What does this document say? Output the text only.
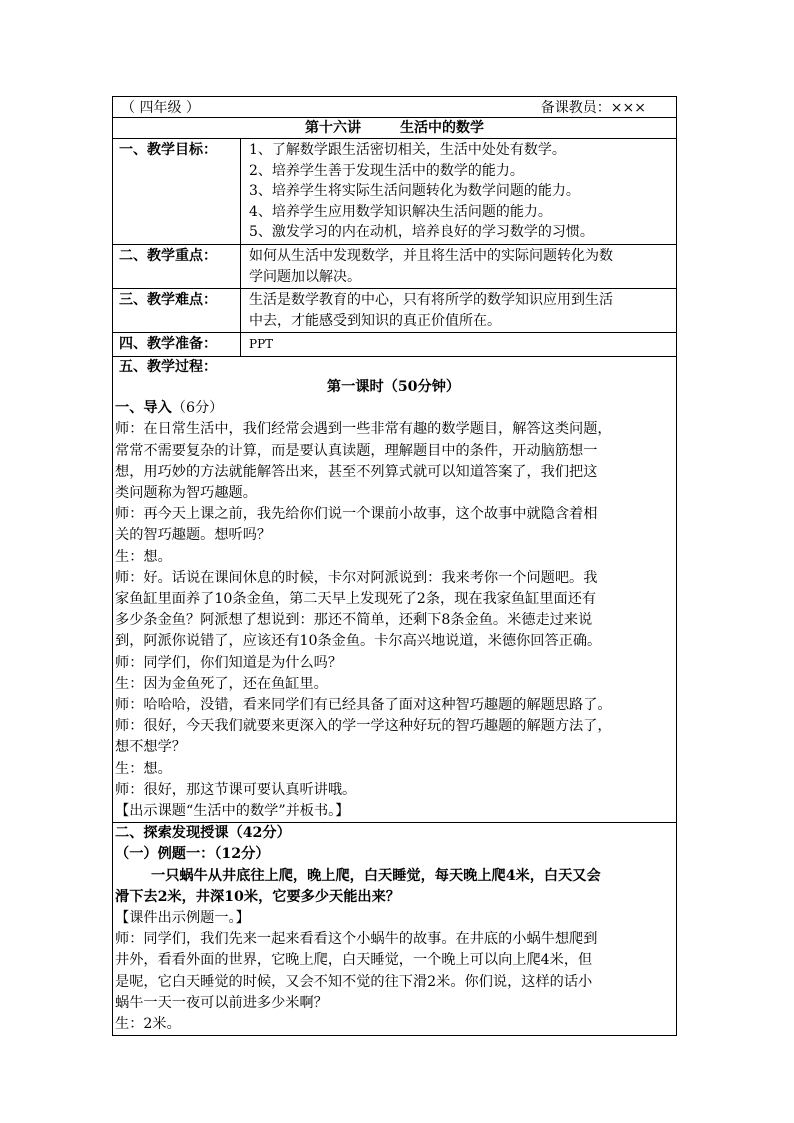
（ 四年级 ）	备课教员：×××
第十六讲        生活中的数学
一、教学目标：	1、了解数学跟生活密切相关，生活中处处有数学。
2、培养学生善于发现生活中的数学的能力。
3、培养学生将实际生活问题转化为数学问题的能力。
4、培养学生应用数学知识解决生活问题的能力。
5、激发学习的内在动机，培养良好的学习数学的习惯。
二、教学重点：	如何从生活中发现数学，并且将生活中的实际问题转化为数
学问题加以解决。
三、教学难点：	生活是数学教育的中心，只有将所学的数学知识应用到生活
中去，才能感受到知识的真正价值所在。
四、教学准备：	PPT
五、教学过程：
第一课时（50分钟）
一、导入（6分）
师：在日常生活中，我们经常会遇到一些非常有趣的数学题目，解答这类问题，
常常不需要复杂的计算，而是要认真读题，理解题目中的条件，开动脑筋想一
想，用巧妙的方法就能解答出来，甚至不列算式就可以知道答案了，我们把这
类问题称为智巧趣题。
师：再今天上课之前，我先给你们说一个课前小故事，这个故事中就隐含着相
关的智巧趣题。想听吗？
生：想。
师：好。话说在课间休息的时候，卡尔对阿派说到：我来考你一个问题吧。我
家鱼缸里面养了10条金鱼，第二天早上发现死了2条，现在我家鱼缸里面还有
多少条金鱼？阿派想了想说到：那还不简单，还剩下8条金鱼。米德走过来说
到，阿派你说错了，应该还有10条金鱼。卡尔高兴地说道，米德你回答正确。
师：同学们，你们知道是为什么吗？
生：因为金鱼死了，还在鱼缸里。
师：哈哈哈，没错，看来同学们有已经具备了面对这种智巧趣题的解题思路了。
师：很好，今天我们就要来更深入的学一学这种好玩的智巧趣题的解题方法了，
想不想学？
生：想。
师：很好，那这节课可要认真听讲哦。
【出示课题“生活中的数学”并板书。】
二、探索发现授课（42分）
（一）例题一：（12分）
一只蜗牛从井底往上爬，晚上爬，白天睡觉，每天晚上爬4米，白天又会
滑下去2米，井深10米，它要多少天能出来？
【课件出示例题一。】
师：同学们，我们先来一起来看看这个小蜗牛的故事。在井底的小蜗牛想爬到
井外，看看外面的世界，它晚上爬，白天睡觉，一个晚上可以向上爬4米，但
是呢，它白天睡觉的时候，又会不知不觉的往下滑2米。你们说，这样的话小
蜗牛一天一夜可以前进多少米啊？
生：2米。
